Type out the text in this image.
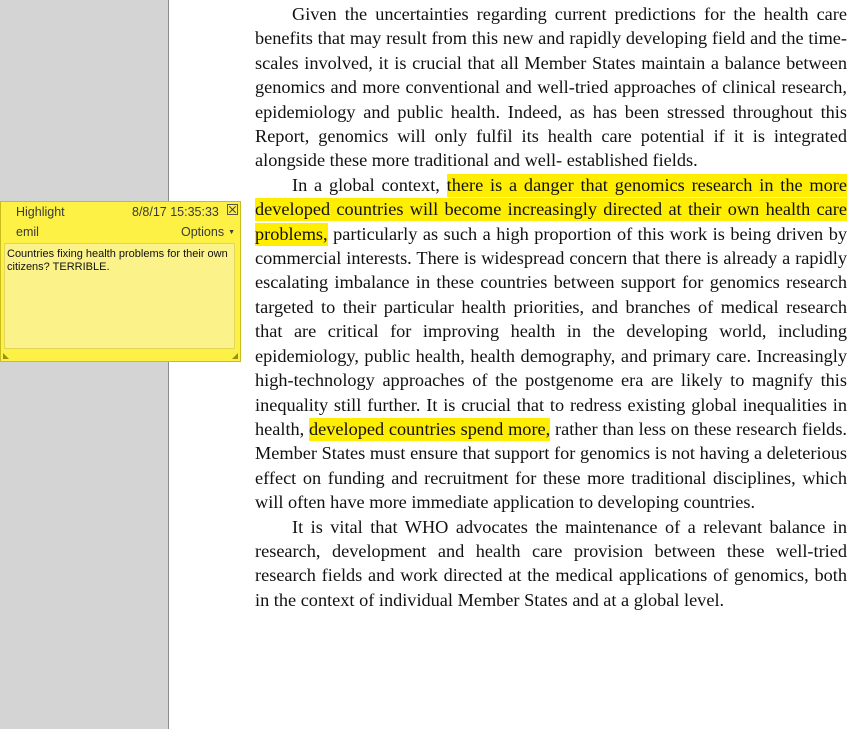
Given the uncertainties regarding current predictions for the health care benefits that may result from this new and rapidly developing field and the time-scales involved, it is crucial that all Member States maintain a balance between genomics and more conventional and well-tried approaches of clinical research, epidemiology and public health. Indeed, as has been stressed throughout this Report, genomics will only fulfil its health care potential if it is integrated alongside these more traditional and well- established fields.

In a global context, there is a danger that genomics research in the more developed countries will become increasingly directed at their own health care problems, particularly as such a high proportion of this work is being driven by commercial interests. There is widespread concern that there is already a rapidly escalating imbalance in these countries between support for genomics research targeted to their particular health priorities, and branches of medical research that are critical for improving health in the developing world, including epidemiology, public health, health demography, and primary care. Increasingly high-technology approaches of the postgenome era are likely to magnify this inequality still further. It is crucial that to redress existing global inequalities in health, developed countries spend more, rather than less on these research fields. Member States must ensure that support for genomics is not having a deleterious effect on funding and recruitment for these more traditional disciplines, which will often have more immediate application to developing countries.

It is vital that WHO advocates the maintenance of a relevant balance in research, development and health care provision between these well-tried research fields and work directed at the medical applications of genomics, both in the context of individual Member States and at a global level.

Highlight	8/8/17 15:35:33
emil	Options ▼
Countries fixing health problems for their own citizens? TERRIBLE.
